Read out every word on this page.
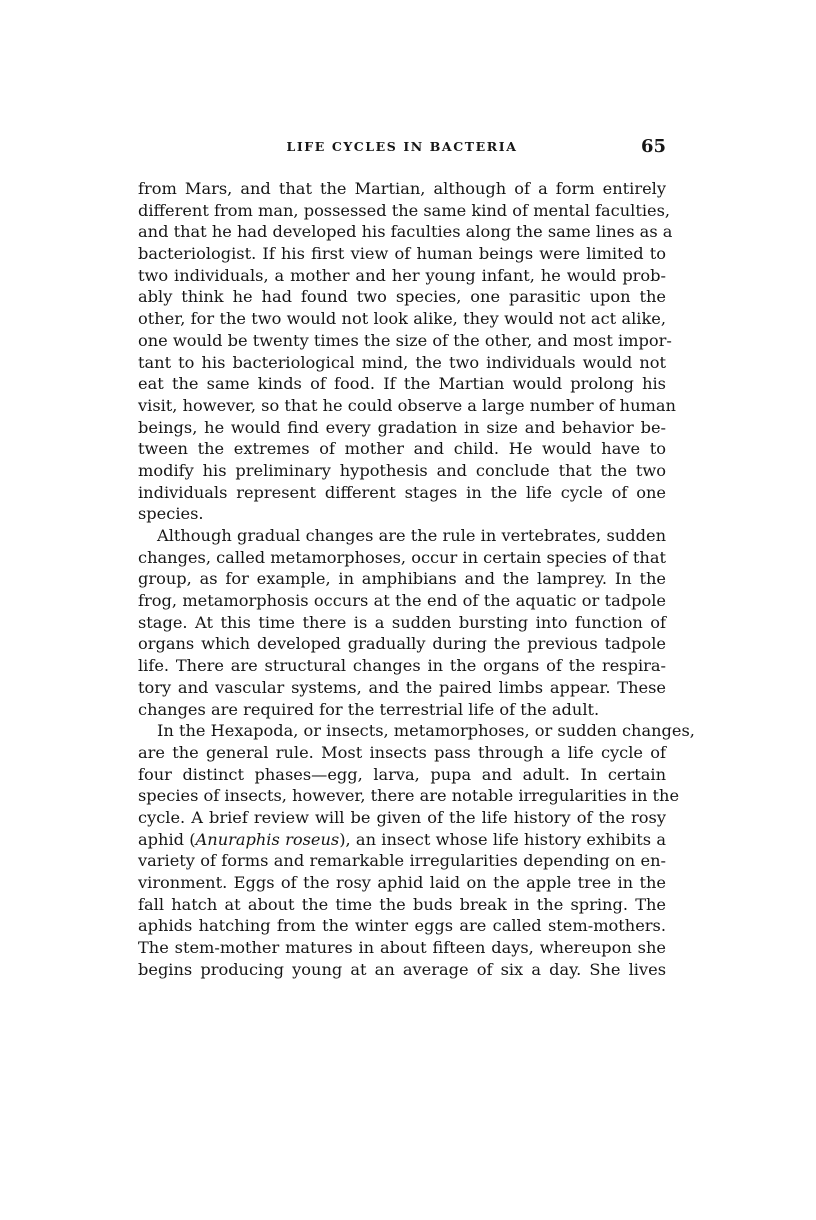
LIFE CYCLES IN BACTERIA	65
from Mars, and that the Martian, although of a form entirely
different from man, possessed the same kind of mental faculties,
and that he had developed his faculties along the same lines as a
bacteriologist. If his first view of human beings were limited to
two individuals, a mother and her young infant, he would prob-
ably think he had found two species, one parasitic upon the
other, for the two would not look alike, they would not act alike,
one would be twenty times the size of the other, and most impor-
tant to his bacteriological mind, the two individuals would not
eat the same kinds of food. If the Martian would prolong his
visit, however, so that he could observe a large number of human
beings, he would find every gradation in size and behavior be-
tween the extremes of mother and child. He would have to
modify his preliminary hypothesis and conclude that the two
individuals represent different stages in the life cycle of one
species.
Although gradual changes are the rule in vertebrates, sudden
changes, called metamorphoses, occur in certain species of that
group, as for example, in amphibians and the lamprey. In the
frog, metamorphosis occurs at the end of the aquatic or tadpole
stage. At this time there is a sudden bursting into function of
organs which developed gradually during the previous tadpole
life. There are structural changes in the organs of the respira-
tory and vascular systems, and the paired limbs appear. These
changes are required for the terrestrial life of the adult.
In the Hexapoda, or insects, metamorphoses, or sudden changes,
are the general rule. Most insects pass through a life cycle of
four distinct phases—egg, larva, pupa and adult. In certain
species of insects, however, there are notable irregularities in the
cycle. A brief review will be given of the life history of the rosy
aphid (Anuraphis roseus), an insect whose life history exhibits a
variety of forms and remarkable irregularities depending on en-
vironment. Eggs of the rosy aphid laid on the apple tree in the
fall hatch at about the time the buds break in the spring. The
aphids hatching from the winter eggs are called stem-mothers.
The stem-mother matures in about fifteen days, whereupon she
begins producing young at an average of six a day. She lives
